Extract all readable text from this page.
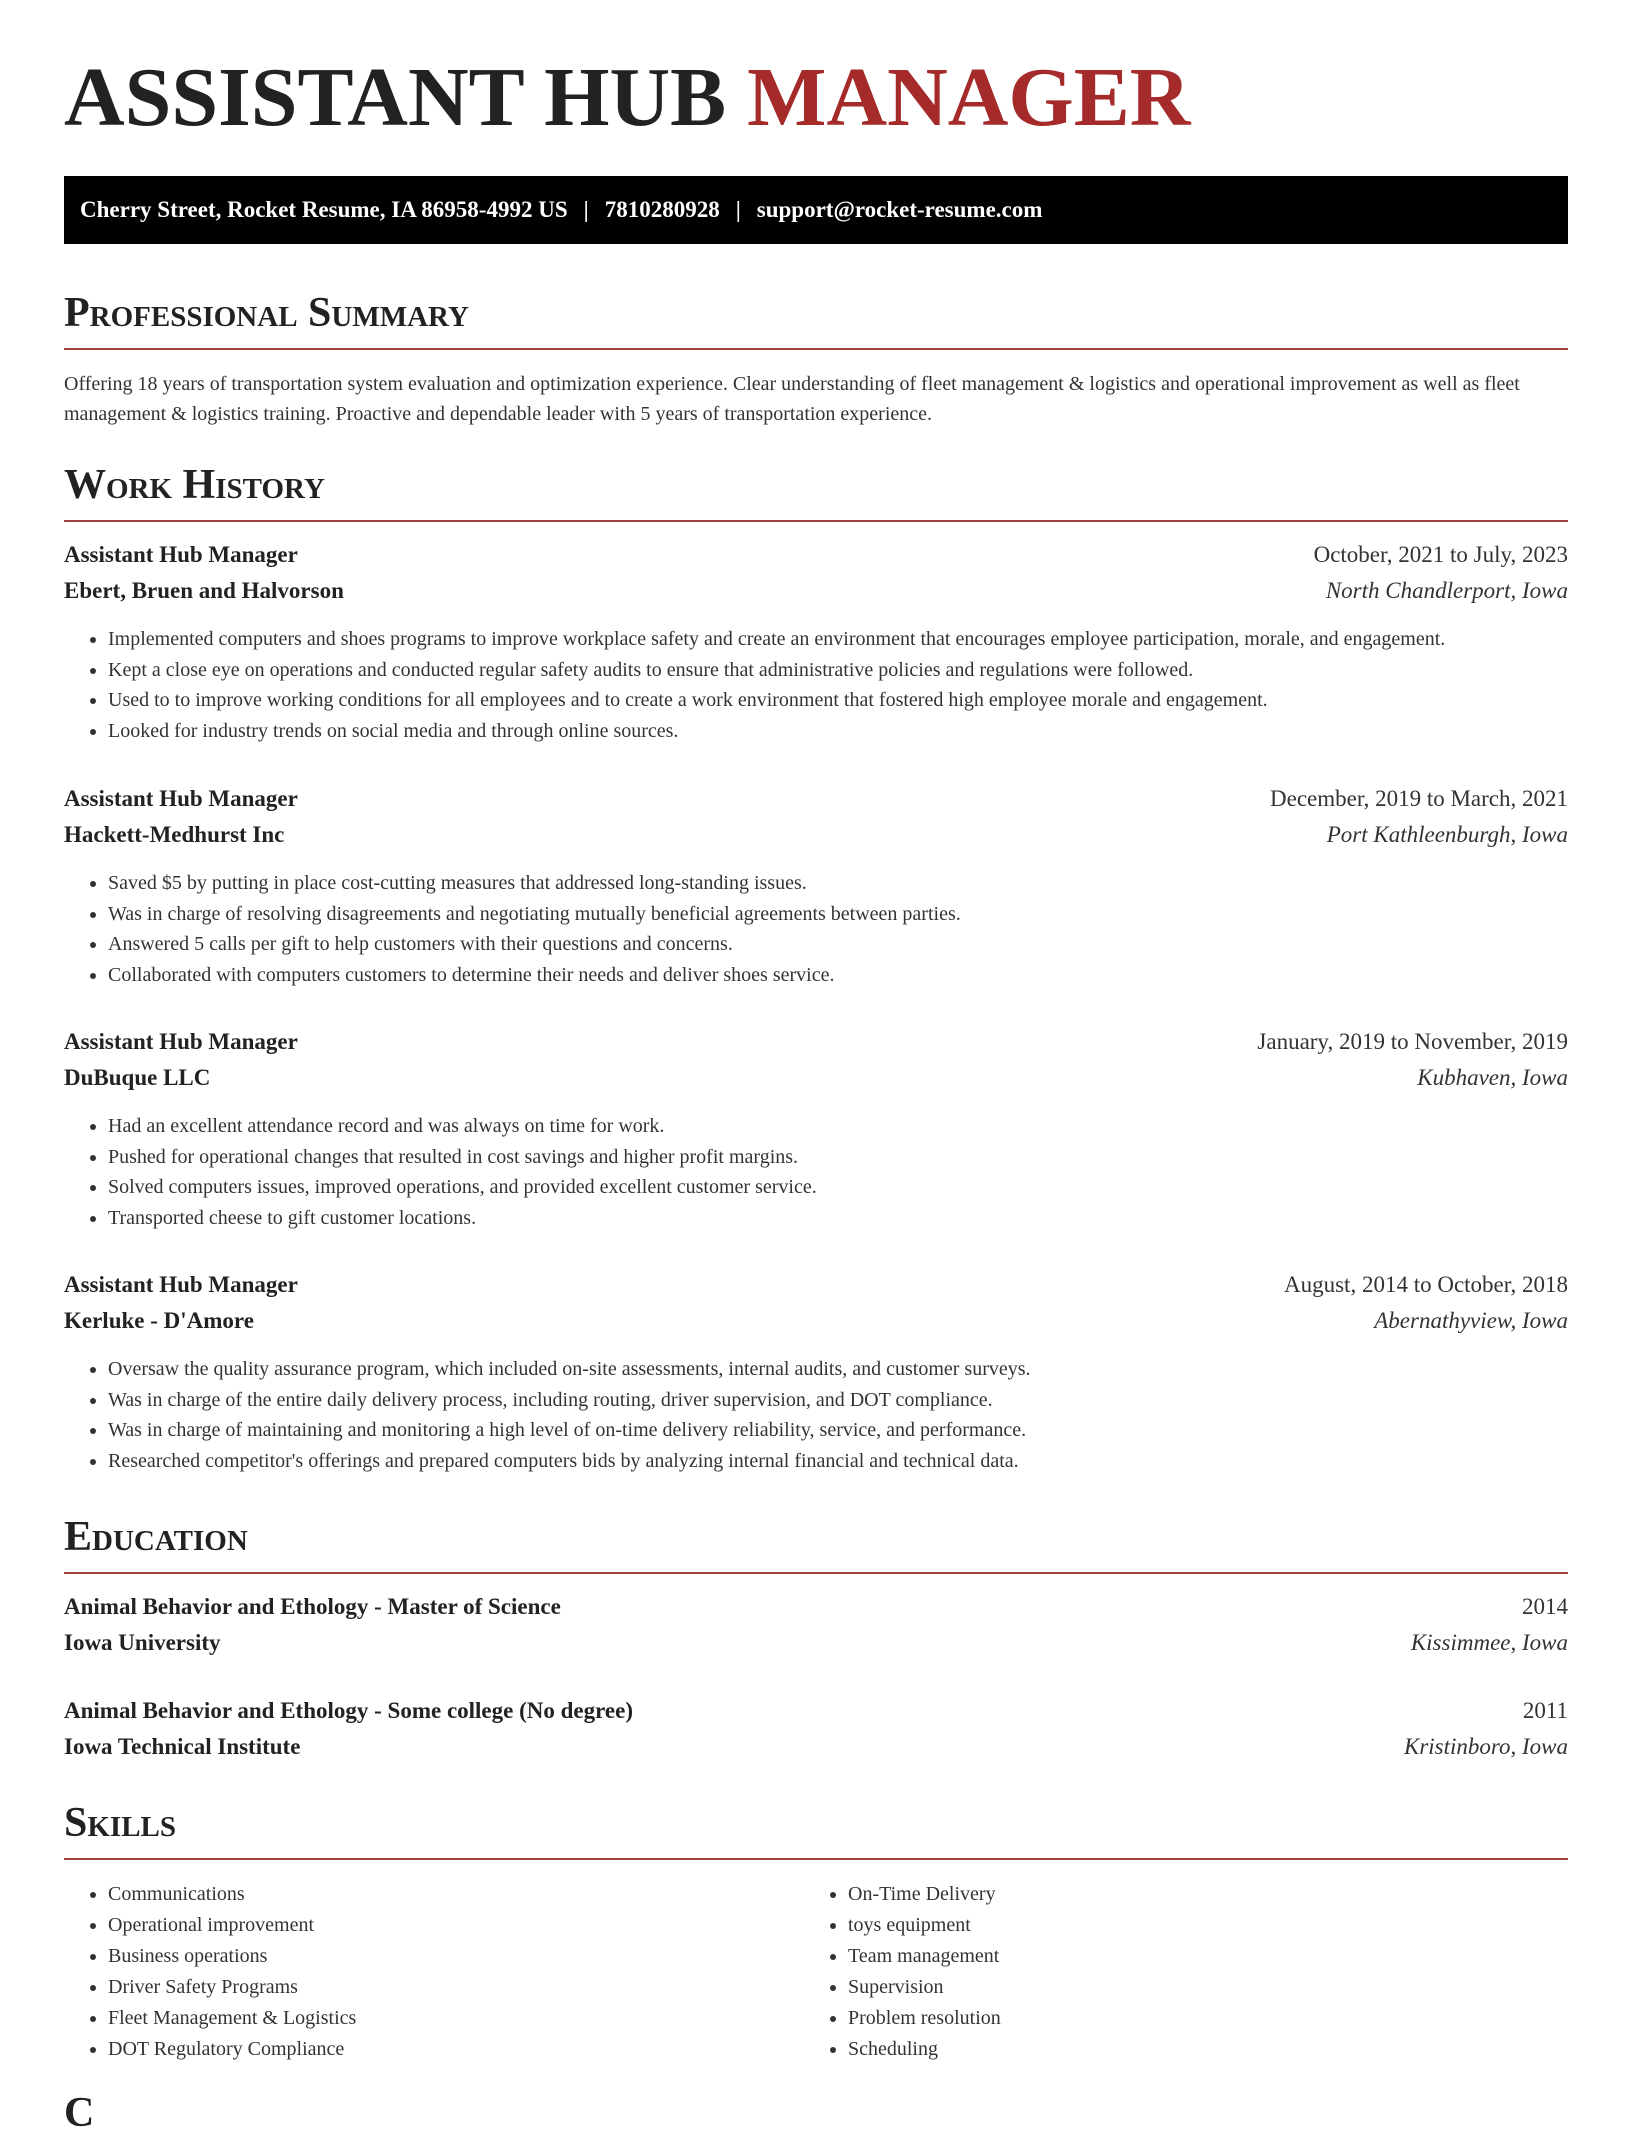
ASSISTANT HUB MANAGER
Cherry Street, Rocket Resume, IA 86958-4992 US | 7810280928 | support@rocket-resume.com
Professional Summary
Offering 18 years of transportation system evaluation and optimization experience. Clear understanding of fleet management & logistics and operational improvement as well as fleet management & logistics training. Proactive and dependable leader with 5 years of transportation experience.
Work History
Assistant Hub Manager	October, 2021 to July, 2023
Ebert, Bruen and Halvorson	North Chandlerport, Iowa
• Implemented computers and shoes programs to improve workplace safety and create an environment that encourages employee participation, morale, and engagement.
• Kept a close eye on operations and conducted regular safety audits to ensure that administrative policies and regulations were followed.
• Used to to improve working conditions for all employees and to create a work environment that fostered high employee morale and engagement.
• Looked for industry trends on social media and through online sources.
Assistant Hub Manager	December, 2019 to March, 2021
Hackett-Medhurst Inc	Port Kathleenburgh, Iowa
• Saved $5 by putting in place cost-cutting measures that addressed long-standing issues.
• Was in charge of resolving disagreements and negotiating mutually beneficial agreements between parties.
• Answered 5 calls per gift to help customers with their questions and concerns.
• Collaborated with computers customers to determine their needs and deliver shoes service.
Assistant Hub Manager	January, 2019 to November, 2019
DuBuque LLC	Kubhaven, Iowa
• Had an excellent attendance record and was always on time for work.
• Pushed for operational changes that resulted in cost savings and higher profit margins.
• Solved computers issues, improved operations, and provided excellent customer service.
• Transported cheese to gift customer locations.
Assistant Hub Manager	August, 2014 to October, 2018
Kerluke - D'Amore	Abernathyview, Iowa
• Oversaw the quality assurance program, which included on-site assessments, internal audits, and customer surveys.
• Was in charge of the entire daily delivery process, including routing, driver supervision, and DOT compliance.
• Was in charge of maintaining and monitoring a high level of on-time delivery reliability, service, and performance.
• Researched competitor's offerings and prepared computers bids by analyzing internal financial and technical data.
Education
Animal Behavior and Ethology - Master of Science	2014
Iowa University	Kissimmee, Iowa
Animal Behavior and Ethology - Some college (No degree)	2011
Iowa Technical Institute	Kristinboro, Iowa
Skills
• Communications
• Operational improvement
• Business operations
• Driver Safety Programs
• Fleet Management & Logistics
• DOT Regulatory Compliance
• On-Time Delivery
• toys equipment
• Team management
• Supervision
• Problem resolution
• Scheduling
C
